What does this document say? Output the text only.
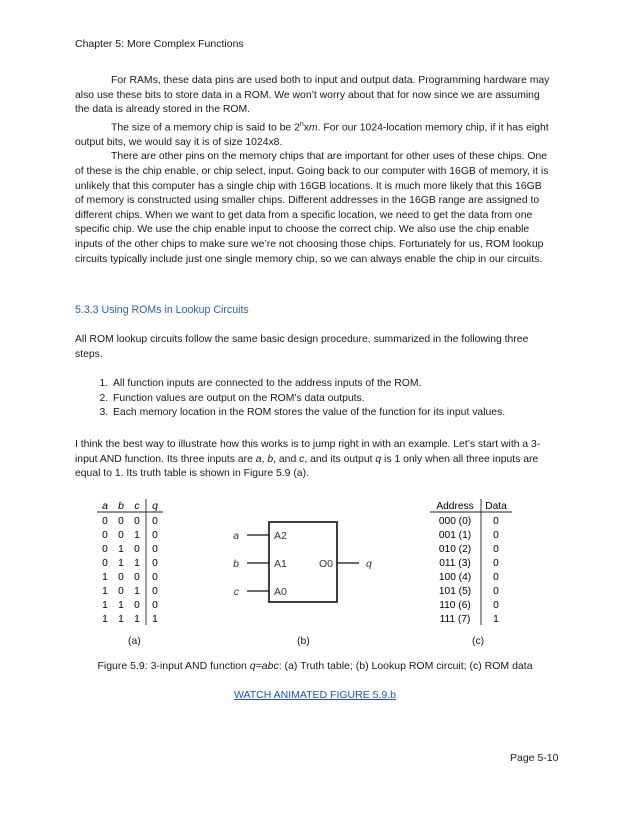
Chapter 5: More Complex Functions

For RAMs, these data pins are used both to input and output data. Programming hardware may also use these bits to store data in a ROM. We won’t worry about that for now since we are assuming the data is already stored in the ROM.

The size of a memory chip is said to be 2$^n$xm. For our 1024-location memory chip, if it has eight output bits, we would say it is of size 1024x8.

There are other pins on the memory chips that are important for other uses of these chips. One of these is the chip enable, or chip select, input. Going back to our computer with 16GB of memory, it is unlikely that this computer has a single chip with 16GB locations. It is much more likely that this 16GB of memory is constructed using smaller chips. Different addresses in the 16GB range are assigned to different chips. When we want to get data from a specific location, we need to get the data from one specific chip. We use the chip enable input to choose the correct chip. We also use the chip enable inputs of the other chips to make sure we’re not choosing those chips. Fortunately for us, ROM lookup circuits typically include just one single memory chip, so we can always enable the chip in our circuits.

5.3.3 Using ROMs in Lookup Circuits
All ROM lookup circuits follow the same basic design procedure, summarized in the following three steps.
1. All function inputs are connected to the address inputs of the ROM.
2. Function values are output on the ROM’s data outputs.
3. Each memory location in the ROM stores the value of the function for its input values.
I think the best way to illustrate how this works is to jump right in with an example. Let’s start with a 3-input AND function. Its three inputs are a, b, and c, and its output q is 1 only when all three inputs are equal to 1. Its truth table is shown in Figure 5.9 (a).
a b c q
0 0 0 0
0 0 1 0
0 1 0 0
0 1 1 0
1 0 0 0
1 0 1 0
1 1 0 0
1 1 1 1
a
b
c
A2
A1
A0
O0	q
Address Data
000 (0) 0
001 (1) 0
010 (2) 0
011 (3) 0
100 (4) 0
101 (5) 0
110 (6) 0
111 (7) 1
(a)	(b)	(c)
Figure 5.9: 3-input AND function q=abc: (a) Truth table; (b) Lookup ROM circuit; (c) ROM data
WATCH ANIMATED FIGURE 5.9.b
Page 5-10
